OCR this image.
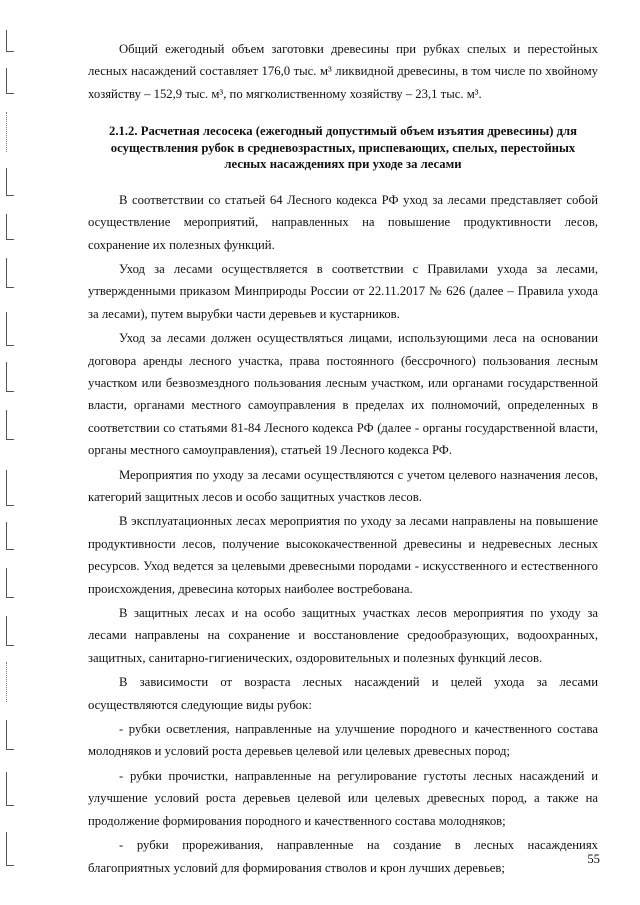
Общий ежегодный объем заготовки древесины при рубках спелых и перестойных лесных насаждений составляет 176,0 тыс. м³ ликвидной древесины, в том числе по хвойному хозяйству – 152,9 тыс. м³, по мягколиственному хозяйству – 23,1 тыс. м³.

2.1.2. Расчетная лесосека (ежегодный допустимый объем изъятия древесины) для осуществления рубок в средневозрастных, приспевающих, спелых, перестойных лесных насаждениях при уходе за лесами

В соответствии со статьей 64 Лесного кодекса РФ уход за лесами представляет собой осуществление мероприятий, направленных на повышение продуктивности лесов, сохранение их полезных функций.

Уход за лесами осуществляется в соответствии с Правилами ухода за лесами, утвержденными приказом Минприроды России от 22.11.2017 № 626 (далее – Правила ухода за лесами), путем вырубки части деревьев и кустарников.

Уход за лесами должен осуществляться лицами, использующими леса на основании договора аренды лесного участка, права постоянного (бессрочного) пользования лесным участком или безвозмездного пользования лесным участком, или органами государственной власти, органами местного самоуправления в пределах их полномочий, определенных в соответствии со статьями 81-84 Лесного кодекса РФ (далее - органы государственной власти, органы местного самоуправления), статьей 19 Лесного кодекса РФ.

Мероприятия по уходу за лесами осуществляются с учетом целевого назначения лесов, категорий защитных лесов и особо защитных участков лесов.

В эксплуатационных лесах мероприятия по уходу за лесами направлены на повышение продуктивности лесов, получение высококачественной древесины и недревесных лесных ресурсов. Уход ведется за целевыми древесными породами - искусственного и естественного происхождения, древесина которых наиболее востребована.

В защитных лесах и на особо защитных участках лесов мероприятия по уходу за лесами направлены на сохранение и восстановление средообразующих, водоохранных, защитных, санитарно-гигиенических, оздоровительных и полезных функций лесов.

В зависимости от возраста лесных насаждений и целей ухода за лесами осуществляются следующие виды рубок:

- рубки осветления, направленные на улучшение породного и качественного состава молодняков и условий роста деревьев целевой или целевых древесных пород;

- рубки прочистки, направленные на регулирование густоты лесных насаждений и улучшение условий роста деревьев целевой или целевых древесных пород, а также на продолжение формирования породного и качественного состава молодняков;

- рубки прореживания, направленные на создание в лесных насаждениях благоприятных условий для формирования стволов и крон лучших деревьев;

55
